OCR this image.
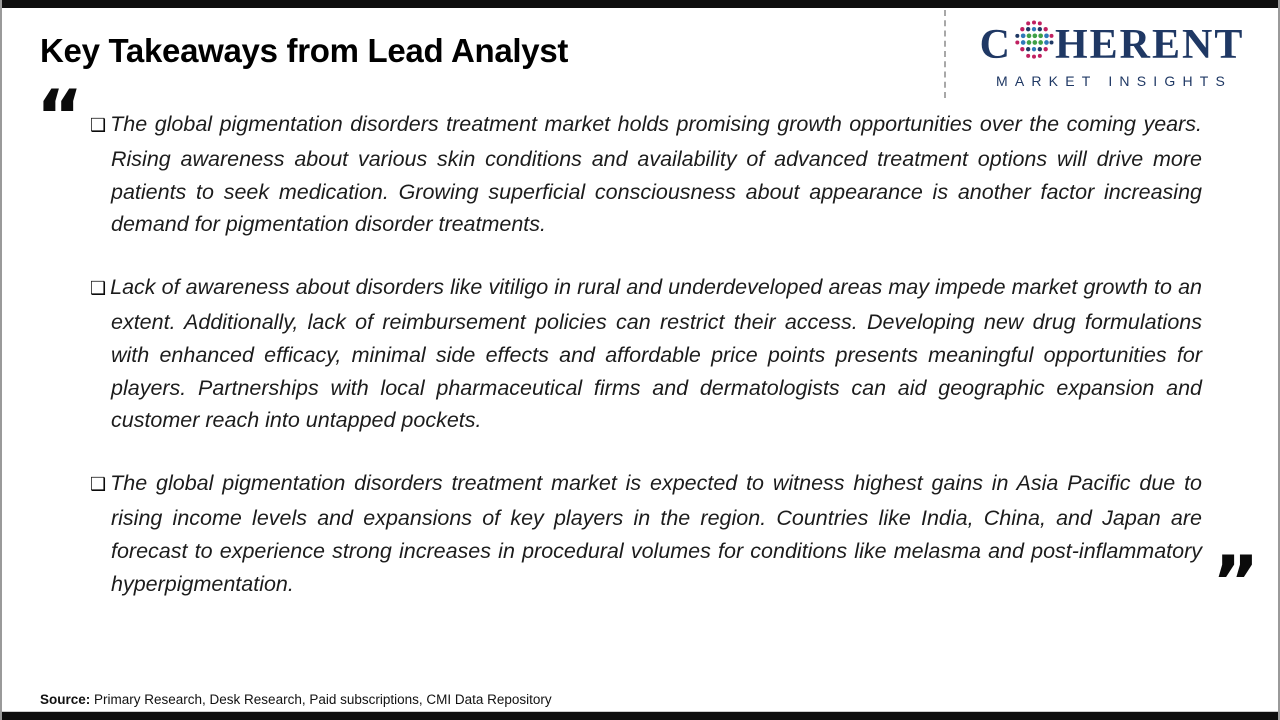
Key Takeaways from Lead Analyst	C HERENT
MARKET INSIGHTS
“ ❑ The global pigmentation disorders treatment market holds promising growth opportunities over the coming years. Rising awareness about various skin conditions and availability of advanced treatment options will drive more patients to seek medication. Growing superficial consciousness about appearance is another factor increasing demand for pigmentation disorder treatments.

❑ Lack of awareness about disorders like vitiligo in rural and underdeveloped areas may impede market growth to an extent. Additionally, lack of reimbursement policies can restrict their access. Developing new drug formulations with enhanced efficacy, minimal side effects and affordable price points presents meaningful opportunities for players. Partnerships with local pharmaceutical firms and dermatologists can aid geographic expansion and customer reach into untapped pockets.

❑ The global pigmentation disorders treatment market is expected to witness highest gains in Asia Pacific due to rising income levels and expansions of key players in the region. Countries like India, China, and Japan are forecast to experience strong increases in procedural volumes for conditions like melasma and post-inflammatory hyperpigmentation.	”
Source: Primary Research, Desk Research, Paid subscriptions, CMI Data Repository
